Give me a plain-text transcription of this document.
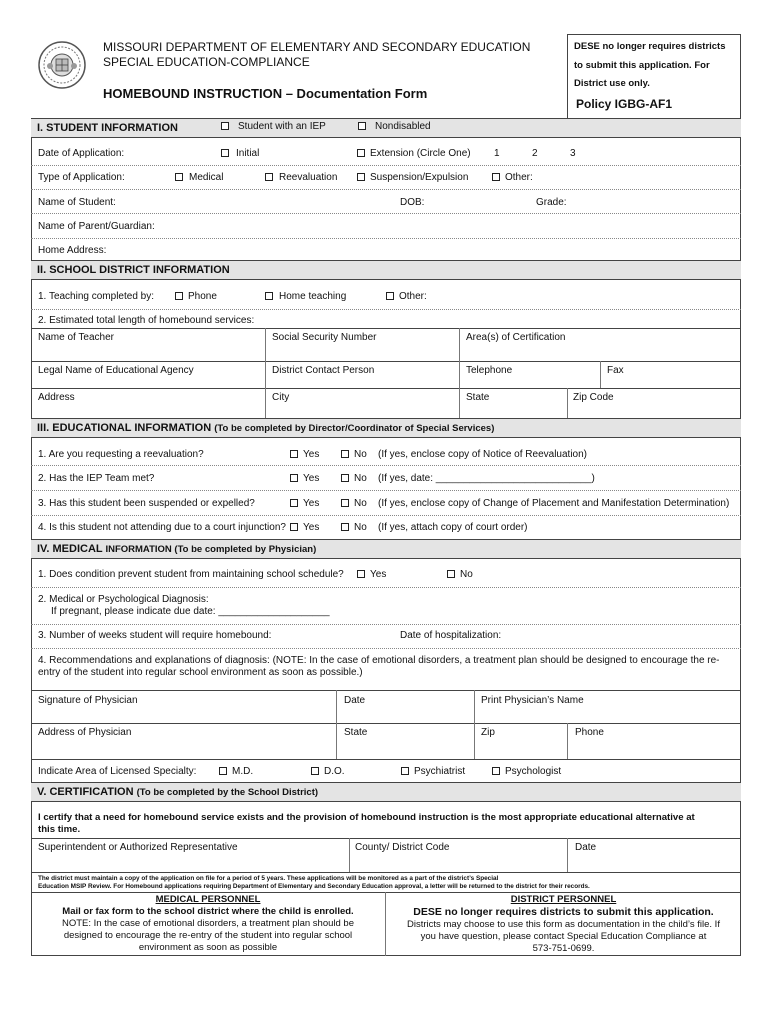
MISSOURI DEPARTMENT OF ELEMENTARY AND SECONDARY EDUCATION
SPECIAL EDUCATION-COMPLIANCE
HOMEBOUND INSTRUCTION – Documentation Form
DESE no longer requires districts
to submit this application. For
District use only.
Policy IGBG-AF1
I. STUDENT INFORMATION	Student with an IEP	Nondisabled
Date of Application:	Initial	Extension (Circle One) 1	2	3
Type of Application:	Medical	Reevaluation	Suspension/Expulsion	Other:
Name of Student:	DOB:	Grade:
Name of Parent/Guardian:
Home Address:
II. SCHOOL DISTRICT INFORMATION
1. Teaching completed by:	Phone	Home teaching	Other:
2. Estimated total length of homebound services:
Name of Teacher	Social Security Number	Area(s) of Certification
Legal Name of Educational Agency	District Contact Person	Telephone	Fax
Address	City	State	Zip Code
III. EDUCATIONAL INFORMATION (To be completed by Director/Coordinator of Special Services)
1. Are you requesting a reevaluation?	Yes	No (If yes, enclose copy of Notice of Reevaluation)
2. Has the IEP Team met?	Yes	No (If yes, date: ____________________________)
3. Has this student been suspended or expelled?	Yes	No (If yes, enclose copy of Change of Placement and Manifestation Determination)
4. Is this student not attending due to a court injunction? Yes	No (If yes, attach copy of court order)
IV. MEDICAL INFORMATION (To be completed by Physician)
1. Does condition prevent student from maintaining school schedule?	Yes	No
2. Medical or Psychological Diagnosis:
If pregnant, please indicate due date: ____________________
3. Number of weeks student will require homebound:	Date of hospitalization:
4. Recommendations and explanations of diagnosis: (NOTE: In the case of emotional disorders, a treatment plan should be designed to encourage the re-
entry of the student into regular school environment as soon as possible.)
Signature of Physician	Date	Print Physician’s Name
Address of Physician	State	Zip	Phone
Indicate Area of Licensed Specialty:	M.D.	D.O.	Psychiatrist	Psychologist
V. CERTIFICATION (To be completed by the School District)
I certify that a need for homebound service exists and the provision of homebound instruction is the most appropriate educational alternative at
this time.
Superintendent or Authorized Representative	County/ District Code	Date
The district must maintain a copy of the application on file for a period of 5 years. These applications will be monitored as a part of the district’s Special
Education MSIP Review. For Homebound applications requiring Department of Elementary and Secondary Education approval, a letter will be returned to the district for their records.
MEDICAL PERSONNEL
Mail or fax form to the school district where the child is enrolled.
NOTE: In the case of emotional disorders, a treatment plan should be
designed to encourage the re-entry of the student into regular school
environment as soon as possible
DISTRICT PERSONNEL
DESE no longer requires districts to submit this application.
Districts may choose to use this form as documentation in the child’s file. If
you have question, please contact Special Education Compliance at
573-751-0699.
